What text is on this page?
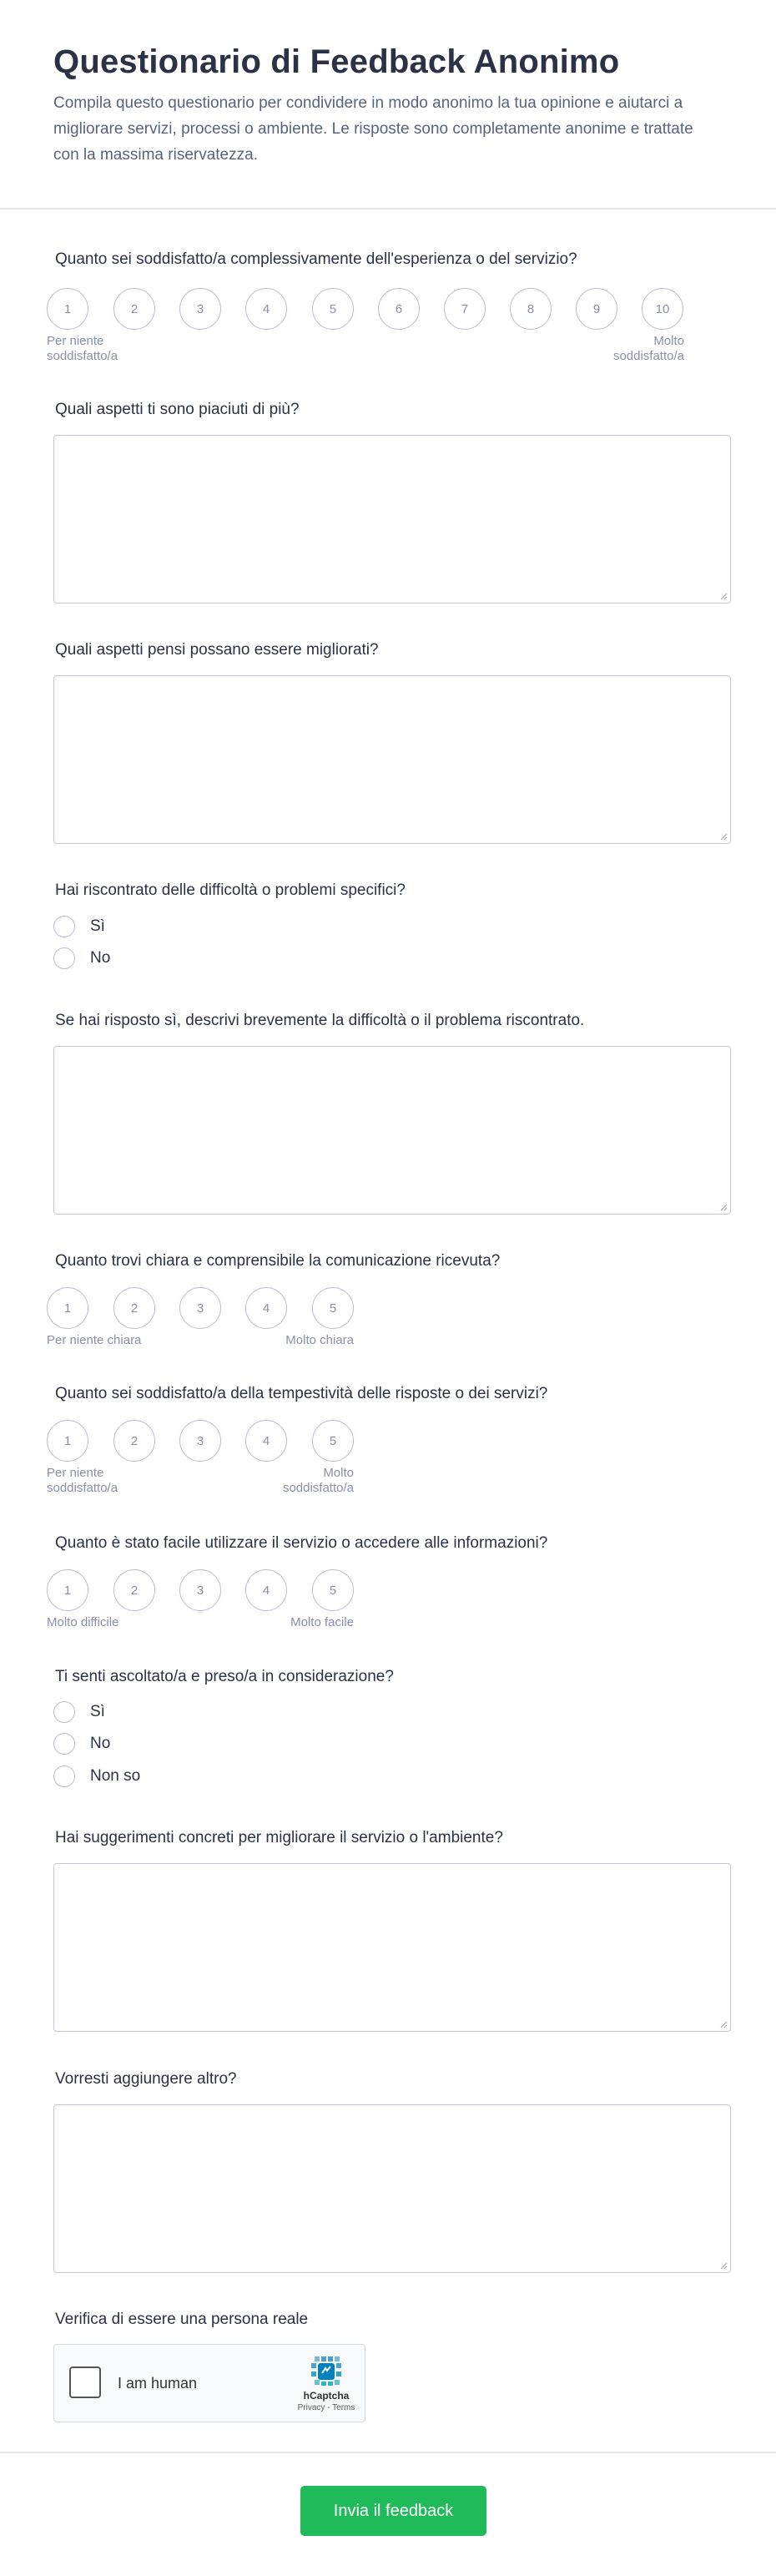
Questionario di Feedback Anonimo
Compila questo questionario per condividere in modo anonimo la tua opinione e aiutarci a migliorare servizi, processi o ambiente. Le risposte sono completamente anonime e trattate con la massima riservatezza.
Quanto sei soddisfatto/a complessivamente dell'esperienza o del servizio?
1	2	3	4	5	6	7	8	9	10
Per niente soddisfatto/a
Molto soddisfatto/a
Quali aspetti ti sono piaciuti di più?
Quali aspetti pensi possano essere migliorati?
Hai riscontrato delle difficoltà o problemi specifici?
Sì
No
Se hai risposto sì, descrivi brevemente la difficoltà o il problema riscontrato.
Quanto trovi chiara e comprensibile la comunicazione ricevuta?
1	2	3	4	5
Per niente chiara	Molto chiara
Quanto sei soddisfatto/a della tempestività delle risposte o dei servizi?
1	2	3	4	5
Per niente soddisfatto/a
Molto soddisfatto/a
Quanto è stato facile utilizzare il servizio o accedere alle informazioni?
1	2	3	4	5
Molto difficile	Molto facile
Ti senti ascoltato/a e preso/a in considerazione?
Sì
No
Non so
Hai suggerimenti concreti per migliorare il servizio o l'ambiente?
Vorresti aggiungere altro?
Verifica di essere una persona reale
I am human
hCaptcha
Privacy - Terms
Invia il feedback
